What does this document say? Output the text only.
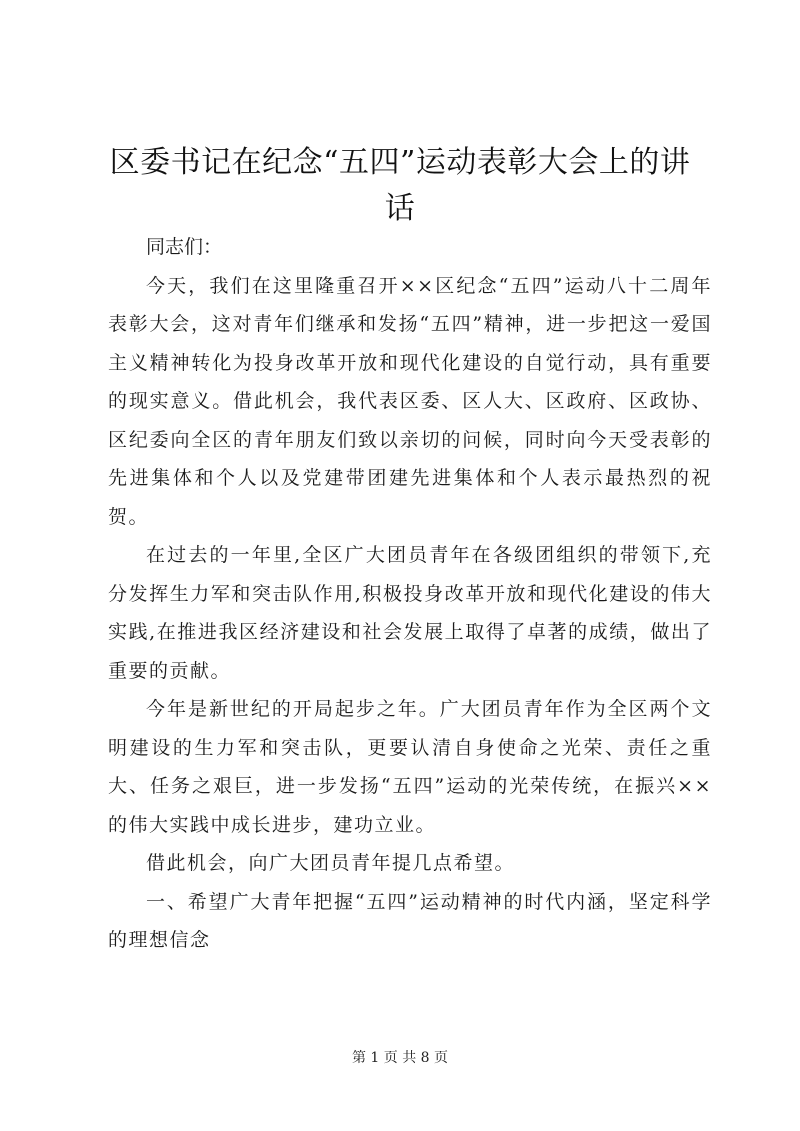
区委书记在纪念“五四”运动表彰大会上的讲话

同志们：

今天，我们在这里隆重召开××区纪念“五四”运动八十二周年表彰大会，这对青年们继承和发扬“五四”精神，进一步把这一爱国主义精神转化为投身改革开放和现代化建设的自觉行动，具有重要的现实意义。借此机会，我代表区委、区人大、区政府、区政协、区纪委向全区的青年朋友们致以亲切的问候，同时向今天受表彰的先进集体和个人以及党建带团建先进集体和个人表示最热烈的祝贺。

在过去的一年里,全区广大团员青年在各级团组织的带领下,充分发挥生力军和突击队作用,积极投身改革开放和现代化建设的伟大实践,在推进我区经济建设和社会发展上取得了卓著的成绩，做出了重要的贡献。

今年是新世纪的开局起步之年。广大团员青年作为全区两个文明建设的生力军和突击队，更要认清自身使命之光荣、责任之重大、任务之艰巨，进一步发扬“五四”运动的光荣传统，在振兴××的伟大实践中成长进步，建功立业。

借此机会，向广大团员青年提几点希望。

一、希望广大青年把握“五四”运动精神的时代内涵，坚定科学的理想信念

第 1 页 共 8 页
